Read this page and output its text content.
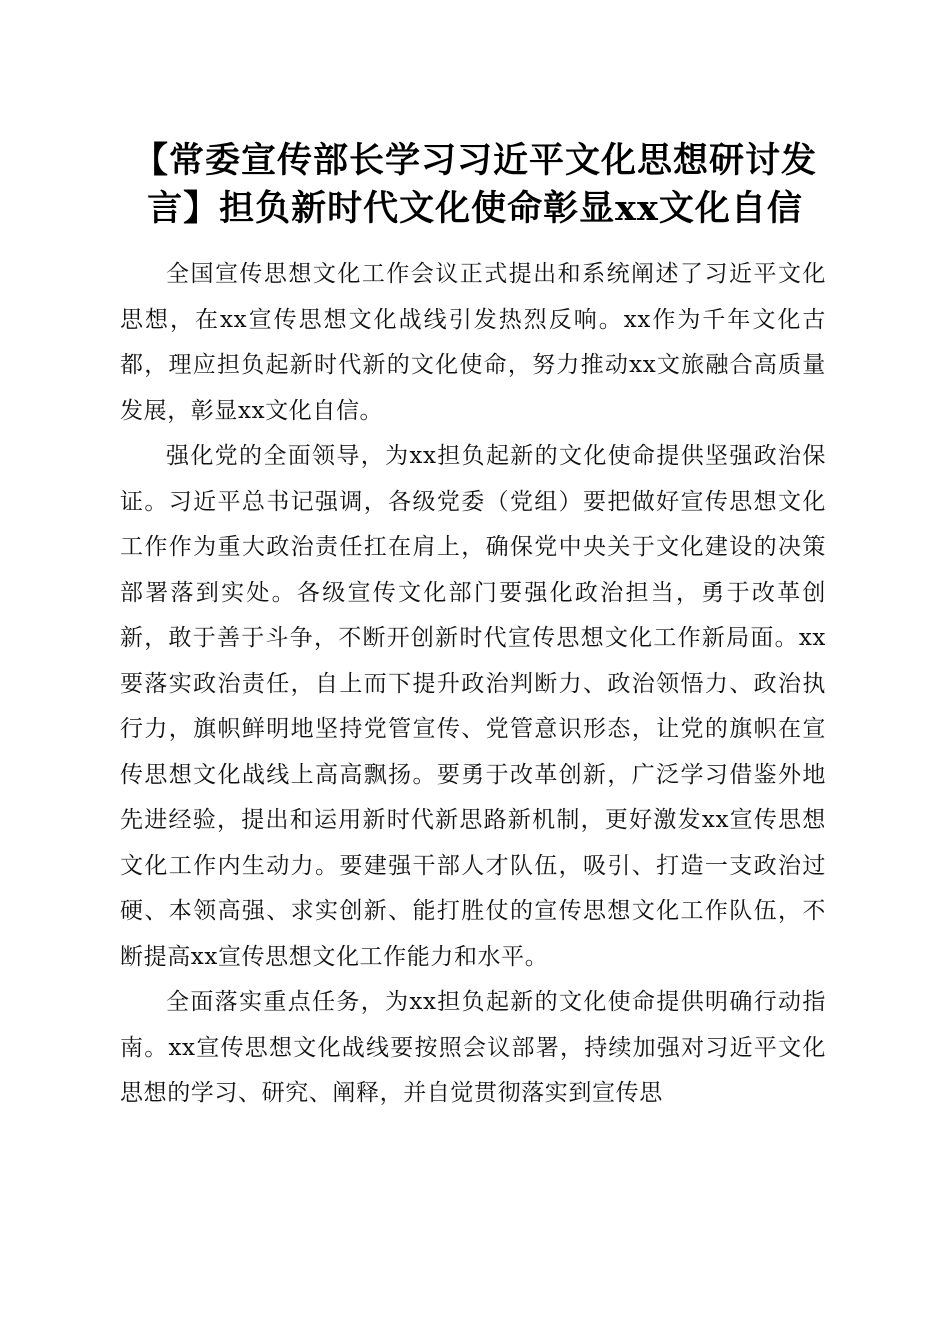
【常委宣传部长学习习近平文化思想研讨发言】担负新时代文化使命彰显xx文化自信

全国宣传思想文化工作会议正式提出和系统阐述了习近平文化思想，在xx宣传思想文化战线引发热烈反响。xx作为千年文化古都，理应担负起新时代新的文化使命，努力推动xx文旅融合高质量发展，彰显xx文化自信。

强化党的全面领导，为xx担负起新的文化使命提供坚强政治保证。习近平总书记强调，各级党委（党组）要把做好宣传思想文化工作作为重大政治责任扛在肩上，确保党中央关于文化建设的决策部署落到实处。各级宣传文化部门要强化政治担当，勇于改革创新，敢于善于斗争，不断开创新时代宣传思想文化工作新局面。xx要落实政治责任，自上而下提升政治判断力、政治领悟力、政治执行力，旗帜鲜明地坚持党管宣传、党管意识形态，让党的旗帜在宣传思想文化战线上高高飘扬。要勇于改革创新，广泛学习借鉴外地先进经验，提出和运用新时代新思路新机制，更好激发xx宣传思想文化工作内生动力。要建强干部人才队伍，吸引、打造一支政治过硬、本领高强、求实创新、能打胜仗的宣传思想文化工作队伍，不断提高xx宣传思想文化工作能力和水平。

全面落实重点任务，为xx担负起新的文化使命提供明确行动指南。xx宣传思想文化战线要按照会议部署，持续加强对习近平文化思想的学习、研究、阐释，并自觉贯彻落实到宣传思
